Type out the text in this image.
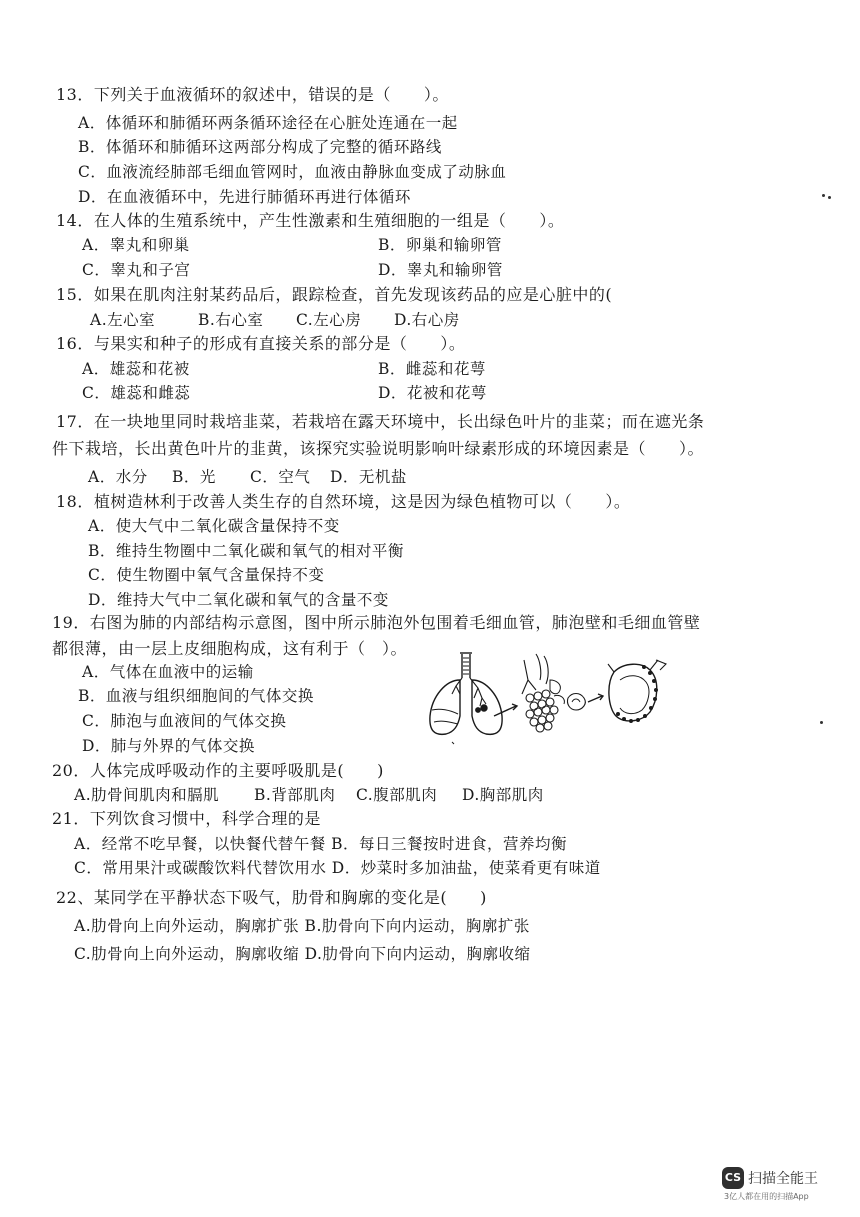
13．下列关于血液循环的叙述中，错误的是（　　）。
A．体循环和肺循环两条循环途径在心脏处连通在一起
B．体循环和肺循环这两部分构成了完整的循环路线
C．血液流经肺部毛细血管网时，血液由静脉血变成了动脉血
D．在血液循环中，先进行肺循环再进行体循环
14．在人体的生殖系统中，产生性激素和生殖细胞的一组是（　　）。
A．睾丸和卵巢	B．卵巢和输卵管
C．睾丸和子宫	D．睾丸和输卵管
15．如果在肌肉注射某药品后，跟踪检查，首先发现该药品的应是心脏中的(
A.左心室	B.右心室 C.左心房 D.右心房
16．与果实和种子的形成有直接关系的部分是（　　）。
A．雄蕊和花被	B．雌蕊和花萼
C．雄蕊和雌蕊	D．花被和花萼
17．在一块地里同时栽培韭菜，若栽培在露天环境中，长出绿色叶片的韭菜；而在遮光条
件下栽培，长出黄色叶片的韭黄，该探究实验说明影响叶绿素形成的环境因素是（　　）。
A．水分 B．光 C．空气 D．无机盐
18．植树造林利于改善人类生存的自然环境，这是因为绿色植物可以（　　）。
A．使大气中二氧化碳含量保持不变
B．维持生物圈中二氧化碳和氧气的相对平衡
C．使生物圈中氧气含量保持不变
D．维持大气中二氧化碳和氧气的含量不变
19．右图为肺的内部结构示意图，图中所示肺泡外包围着毛细血管，肺泡壁和毛细血管壁
都很薄，由一层上皮细胞构成，这有利于（　）。
A．气体在血液中的运输
B．血液与组织细胞间的气体交换
C．肺泡与血液间的气体交换
D．肺与外界的气体交换
20．人体完成呼吸动作的主要呼吸肌是(　　)
A.肋骨间肌肉和膈肌 B.背部肌肉 C.腹部肌肉 D.胸部肌肉
21．下列饮食习惯中，科学合理的是
A．经常不吃早餐，以快餐代替午餐 B．每日三餐按时进食，营养均衡
C．常用果汁或碳酸饮料代替饮用水 D．炒菜时多加油盐，使菜肴更有味道
22、某同学在平静状态下吸气，肋骨和胸廓的变化是(　　)
A.肋骨向上向外运动，胸廓扩张 B.肋骨向下向内运动，胸廓扩张
C.肋骨向上向外运动，胸廓收缩 D.肋骨向下向内运动，胸廓收缩
CS 扫描全能王
3亿人都在用的扫描App
